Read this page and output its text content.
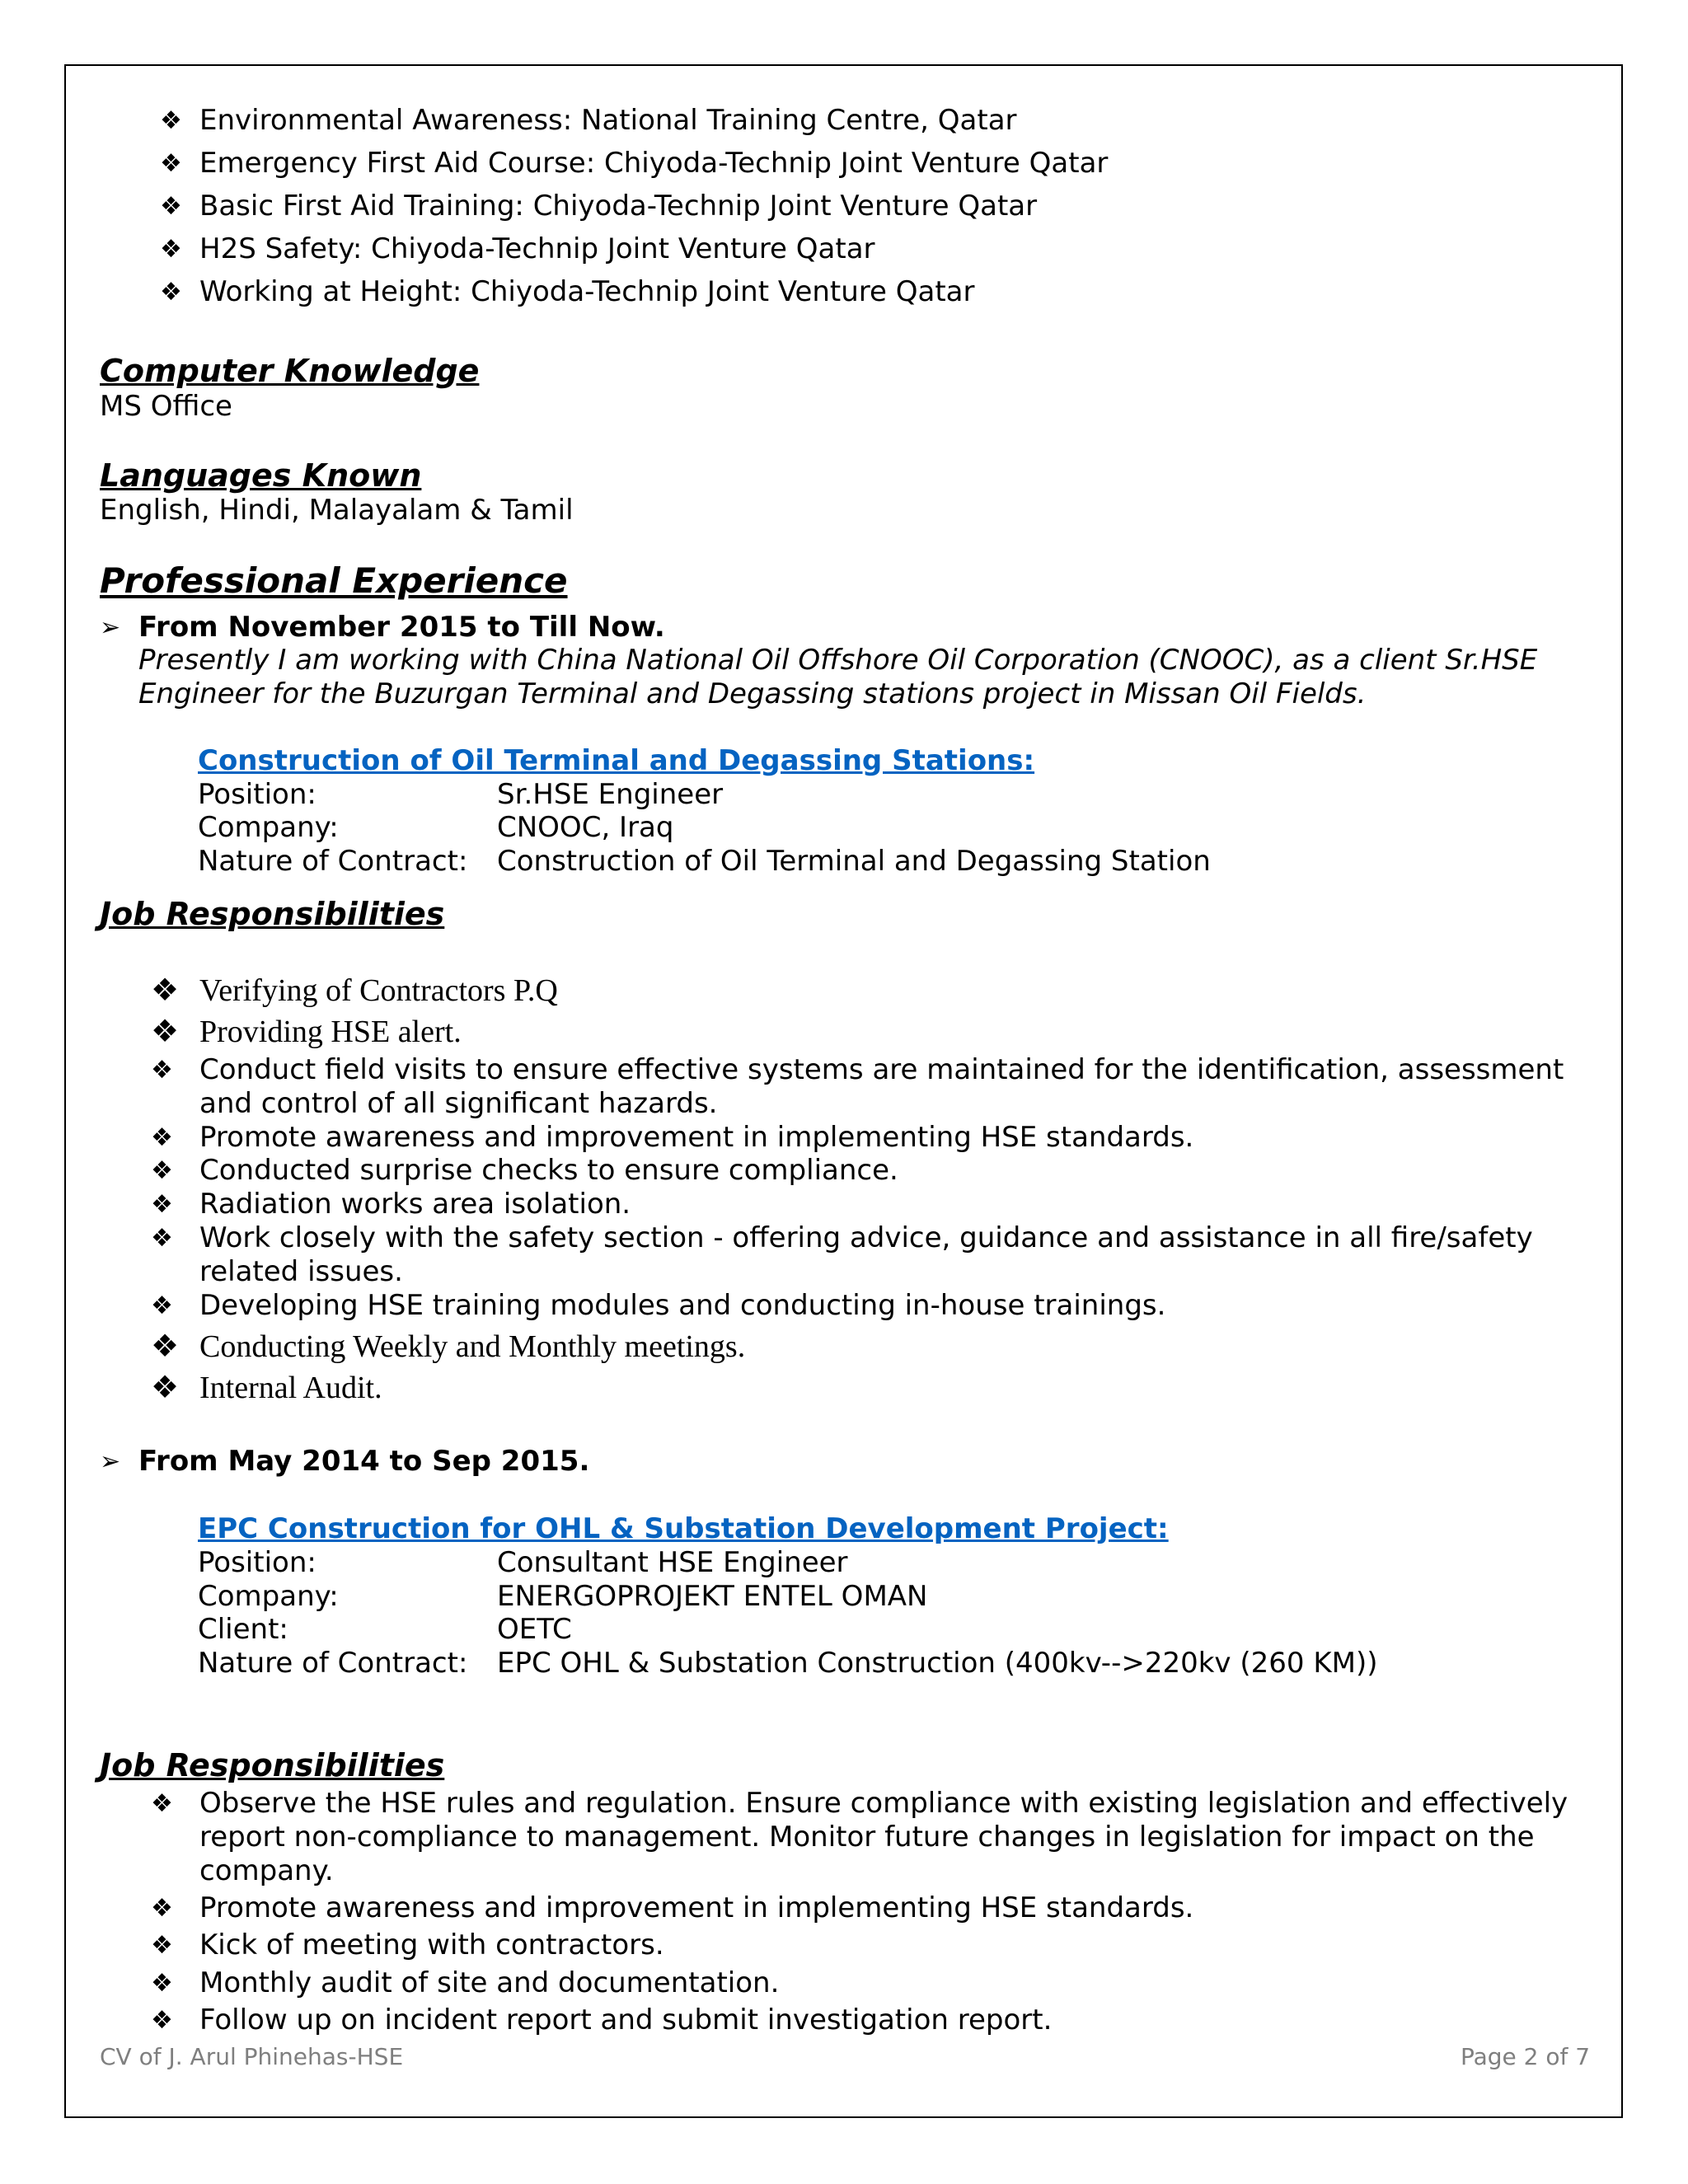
❖ Environmental Awareness: National Training Centre, Qatar
❖ Emergency First Aid Course: Chiyoda-Technip Joint Venture Qatar
❖ Basic First Aid Training: Chiyoda-Technip Joint Venture Qatar
❖ H2S Safety: Chiyoda-Technip Joint Venture Qatar
❖ Working at Height: Chiyoda-Technip Joint Venture Qatar
Computer Knowledge
MS Office
Languages Known
English, Hindi, Malayalam & Tamil
Professional Experience
➢ From November 2015 to Till Now.
Presently I am working with China National Oil Offshore Oil Corporation (CNOOC), as a client Sr.HSE
Engineer for the Buzurgan Terminal and Degassing stations project in Missan Oil Fields.
Construction of Oil Terminal and Degassing Stations:
Position:	Sr.HSE Engineer
Company:	CNOOC, Iraq
Nature of Contract: Construction of Oil Terminal and Degassing Station
Job Responsibilities
❖ Verifying of Contractors P.Q
❖ Providing HSE alert.
❖ Conduct field visits to ensure effective systems are maintained for the identification, assessment
and control of all significant hazards.
❖ Promote awareness and improvement in implementing HSE standards.
❖ Conducted surprise checks to ensure compliance.
❖ Radiation works area isolation.
❖ Work closely with the safety section - offering advice, guidance and assistance in all fire/safety
related issues.
❖ Developing HSE training modules and conducting in-house trainings.
❖ Conducting Weekly and Monthly meetings.
❖ Internal Audit.
➢ From May 2014 to Sep 2015.
EPC Construction for OHL & Substation Development Project:
Position:	Consultant HSE Engineer
Company:	ENERGOPROJEKT ENTEL OMAN
Client:	OETC
Nature of Contract: EPC OHL & Substation Construction (400kv-->220kv (260 KM))
Job Responsibilities
❖ Observe the HSE rules and regulation. Ensure compliance with existing legislation and effectively
report non-compliance to management. Monitor future changes in legislation for impact on the
company.
❖ Promote awareness and improvement in implementing HSE standards.
❖ Kick of meeting with contractors.
❖ Monthly audit of site and documentation.
❖ Follow up on incident report and submit investigation report.
CV of J. Arul Phinehas-HSE	Page 2 of 7
